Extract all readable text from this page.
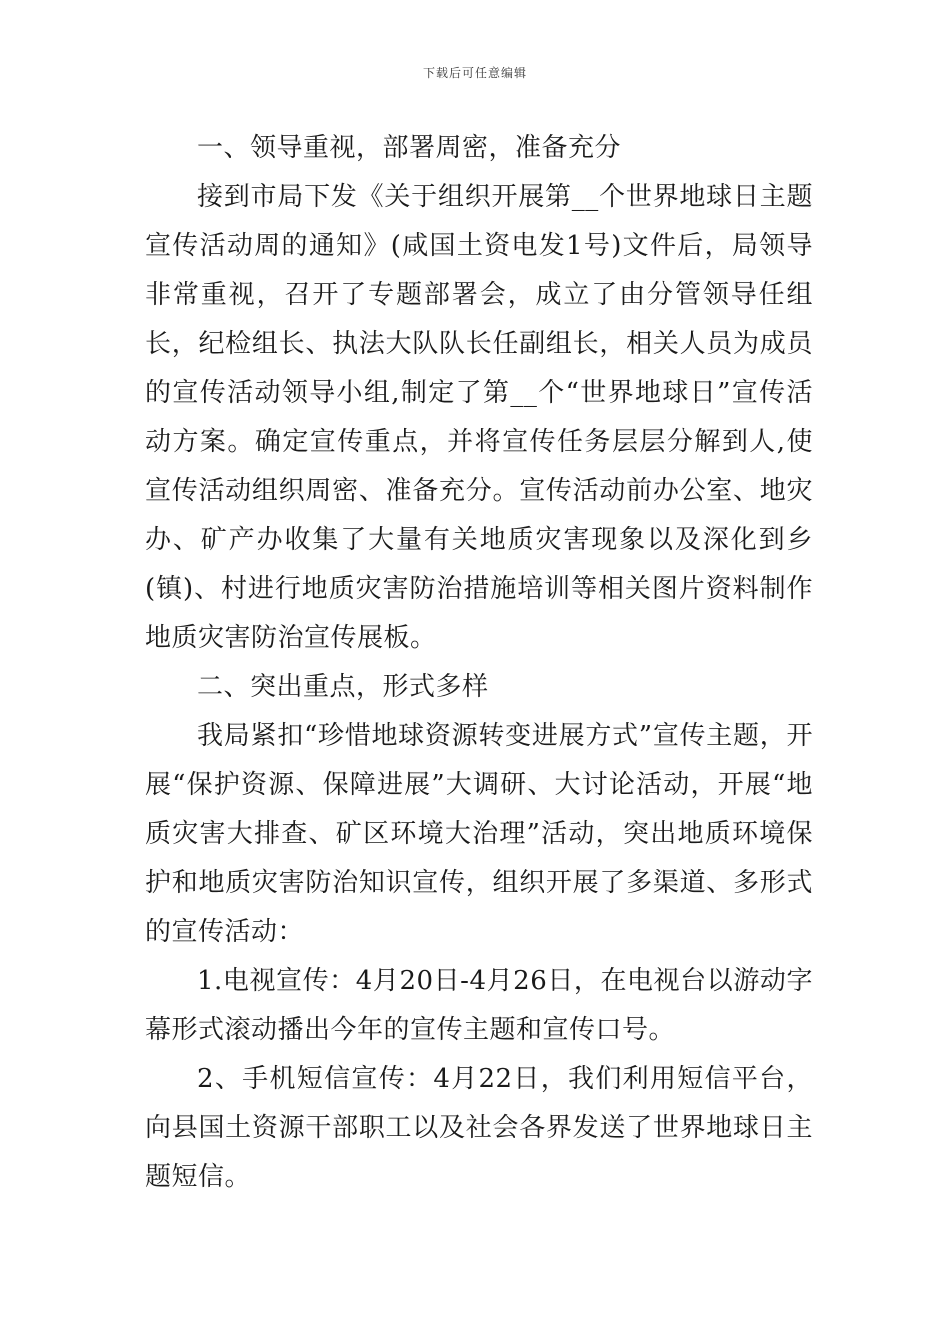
下载后可任意编辑

一、领导重视，部署周密，准备充分

接到市局下发《关于组织开展第__个世界地球日主题宣传活动周的通知》(咸国土资电发1号)文件后，局领导非常重视，召开了专题部署会，成立了由分管领导任组长，纪检组长、执法大队队长任副组长，相关人员为成员的宣传活动领导小组,制定了第__个“世界地球日”宣传活动方案。确定宣传重点，并将宣传任务层层分解到人,使宣传活动组织周密、准备充分。宣传活动前办公室、地灾办、矿产办收集了大量有关地质灾害现象以及深化到乡(镇)、村进行地质灾害防治措施培训等相关图片资料制作地质灾害防治宣传展板。

二、突出重点，形式多样

我局紧扣“珍惜地球资源转变进展方式”宣传主题，开展“保护资源、保障进展”大调研、大讨论活动，开展“地质灾害大排查、矿区环境大治理”活动，突出地质环境保护和地质灾害防治知识宣传，组织开展了多渠道、多形式的宣传活动：

1.电视宣传：4月20日-4月26日，在电视台以游动字幕形式滚动播出今年的宣传主题和宣传口号。

2、手机短信宣传：4月22日，我们利用短信平台，向县国土资源干部职工以及社会各界发送了世界地球日主题短信。
